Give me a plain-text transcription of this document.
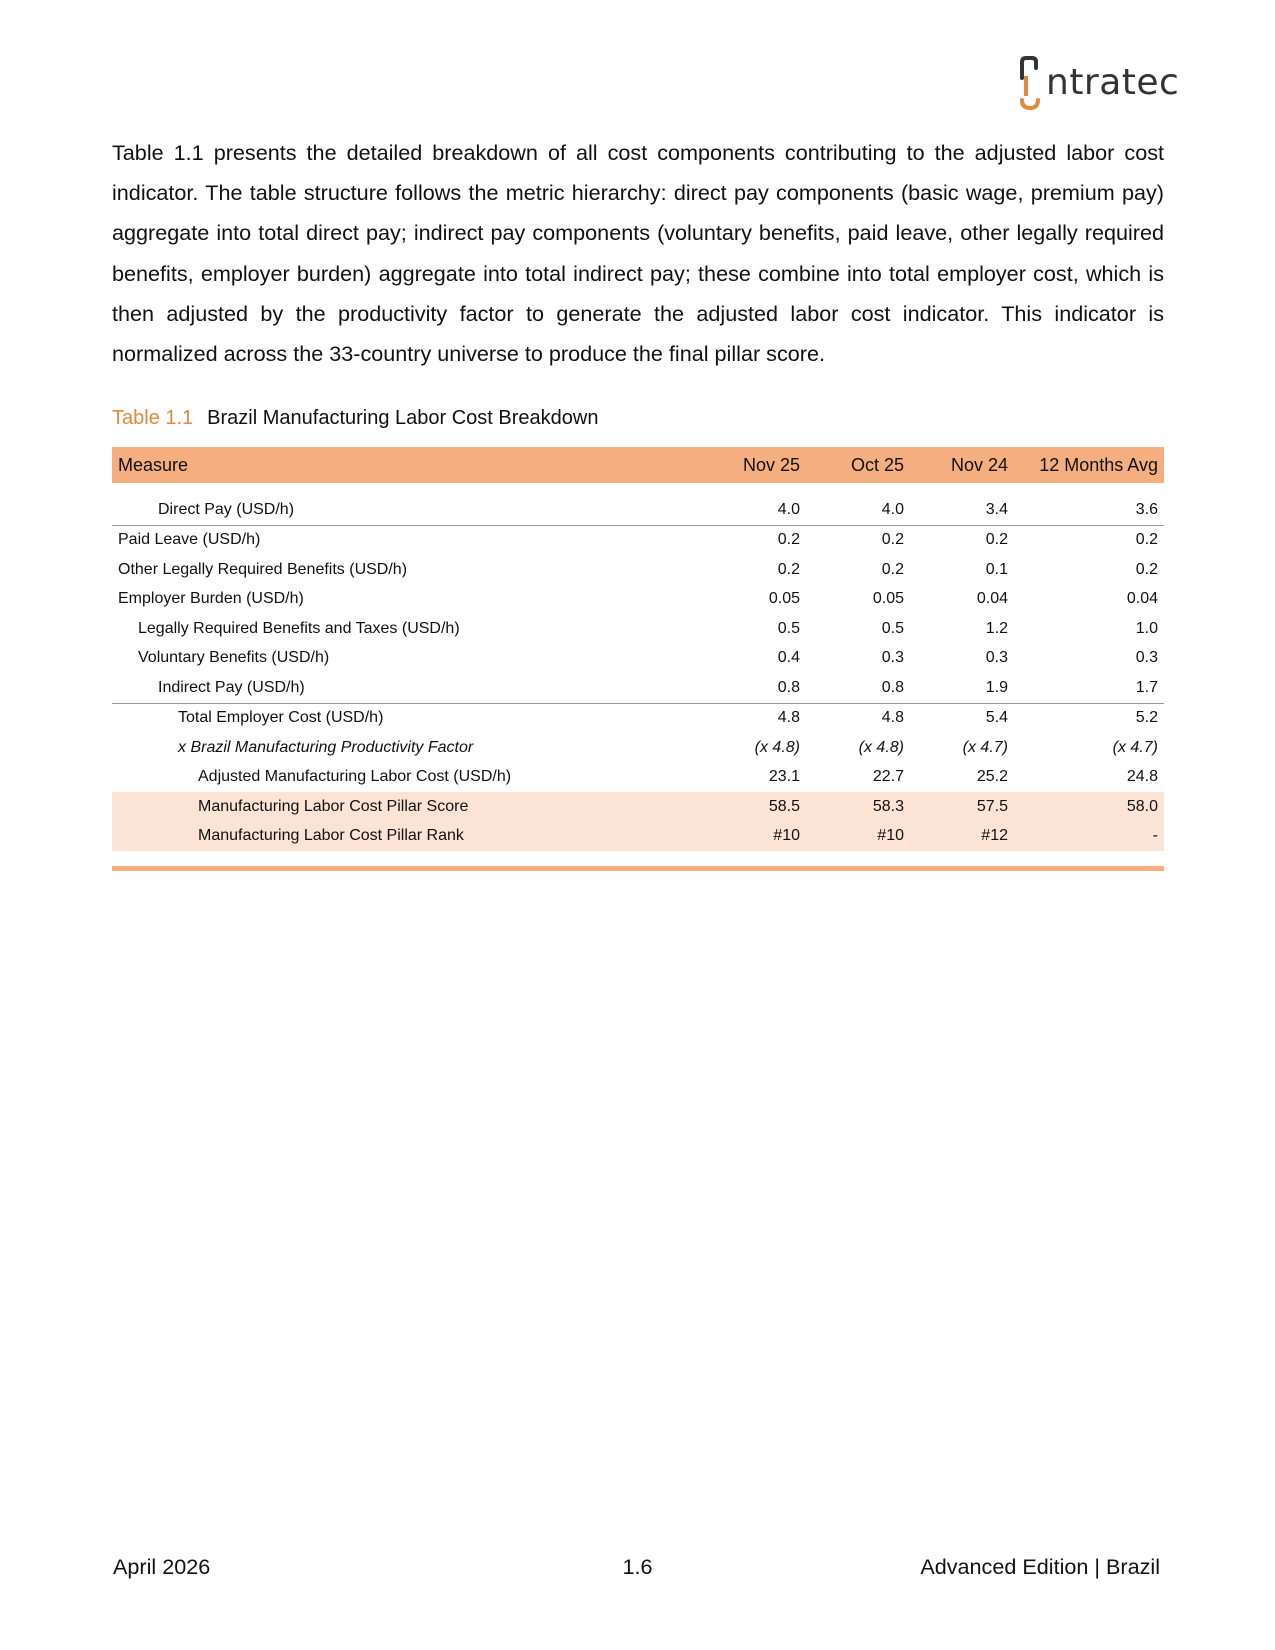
ntratec

Table 1.1 presents the detailed breakdown of all cost components contributing to the adjusted labor cost indicator. The table structure follows the metric hierarchy: direct pay components (basic wage, premium pay) aggregate into total direct pay; indirect pay components (voluntary benefits, paid leave, other legally required benefits, employer burden) aggregate into total indirect pay; these combine into total employer cost, which is then adjusted by the productivity factor to generate the adjusted labor cost indicator. This indicator is normalized across the 33-country universe to produce the final pillar score.

Table 1.1 Brazil Manufacturing Labor Cost Breakdown
Measure	Nov 25	Oct 25	Nov 24	12 Months Avg

Direct Pay (USD/h)	4.0	4.0	3.4	3.6
Paid Leave (USD/h)	0.2	0.2	0.2	0.2
Other Legally Required Benefits (USD/h)	0.2	0.2	0.1	0.2
Employer Burden (USD/h)	0.05	0.05	0.04	0.04
Legally Required Benefits and Taxes (USD/h)	0.5	0.5	1.2	1.0
Voluntary Benefits (USD/h)	0.4	0.3	0.3	0.3
Indirect Pay (USD/h)	0.8	0.8	1.9	1.7
Total Employer Cost (USD/h)	4.8	4.8	5.4	5.2
x Brazil Manufacturing Productivity Factor	(x 4.8)	(x 4.8)	(x 4.7)	(x 4.7)
Adjusted Manufacturing Labor Cost (USD/h)	23.1	22.7	25.2	24.8
Manufacturing Labor Cost Pillar Score	58.5	58.3	57.5	58.0
Manufacturing Labor Cost Pillar Rank	#10	#10	#12	-
April 2026	1.6	Advanced Edition | Brazil
